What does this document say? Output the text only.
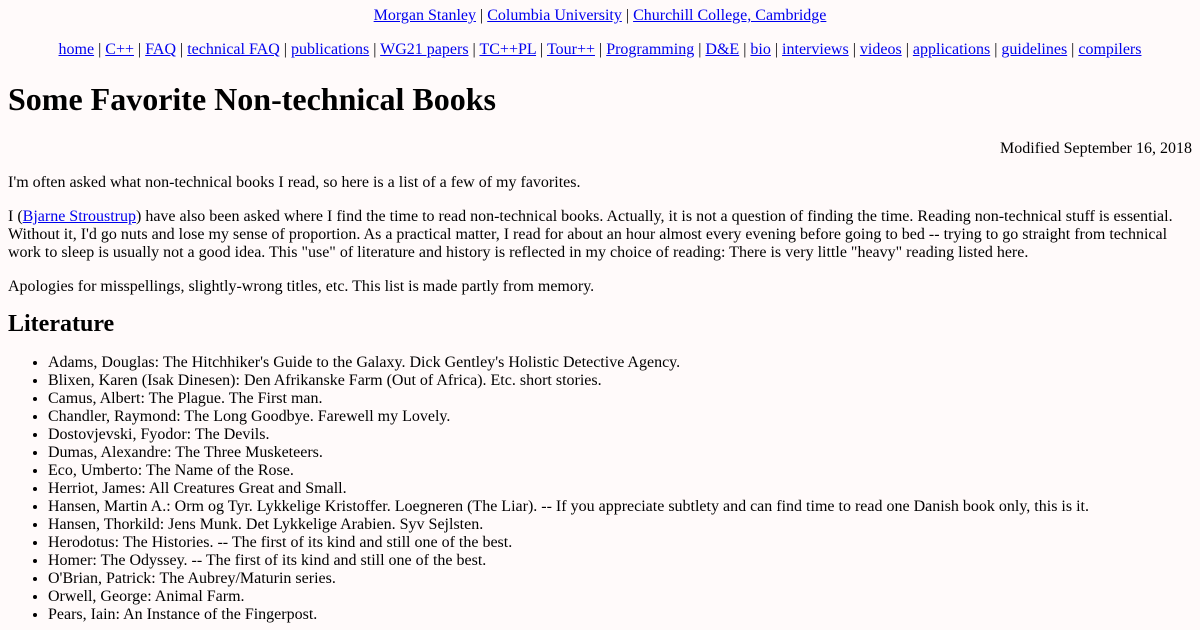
Morgan Stanley | Columbia University | Churchill College, Cambridge
home | C++ | FAQ | technical FAQ | publications | WG21 papers | TC++PL | Tour++ | Programming | D&E | bio | interviews | videos | applications | guidelines | compilers
Some Favorite Non-technical Books
Modified September 16, 2018

I'm often asked what non-technical books I read, so here is a list of a few of my favorites.

I (Bjarne Stroustrup) have also been asked where I find the time to read non-technical books. Actually, it is not a question of finding the time. Reading non-technical stuff is essential. Without it, I'd go nuts and lose my sense of proportion. As a practical matter, I read for about an hour almost every evening before going to bed -- trying to go straight from technical work to sleep is usually not a good idea. This "use" of literature and history is reflected in my choice of reading: There is very little "heavy" reading listed here.

Apologies for misspellings, slightly-wrong titles, etc. This list is made partly from memory.

Literature
• Adams, Douglas: The Hitchhiker's Guide to the Galaxy. Dick Gentley's Holistic Detective Agency.
• Blixen, Karen (Isak Dinesen): Den Afrikanske Farm (Out of Africa). Etc. short stories.
• Camus, Albert: The Plague. The First man.
• Chandler, Raymond: The Long Goodbye. Farewell my Lovely.
• Dostovjevski, Fyodor: The Devils.
• Dumas, Alexandre: The Three Musketeers.
• Eco, Umberto: The Name of the Rose.
• Herriot, James: All Creatures Great and Small.
• Hansen, Martin A.: Orm og Tyr. Lykkelige Kristoffer. Loegneren (The Liar). -- If you appreciate subtlety and can find time to read one Danish book only, this is it.
• Hansen, Thorkild: Jens Munk. Det Lykkelige Arabien. Syv Sejlsten.
• Herodotus: The Histories. -- The first of its kind and still one of the best.
• Homer: The Odyssey. -- The first of its kind and still one of the best.
• O'Brian, Patrick: The Aubrey/Maturin series.
• Orwell, George: Animal Farm.
• Pears, Iain: An Instance of the Fingerpost.
